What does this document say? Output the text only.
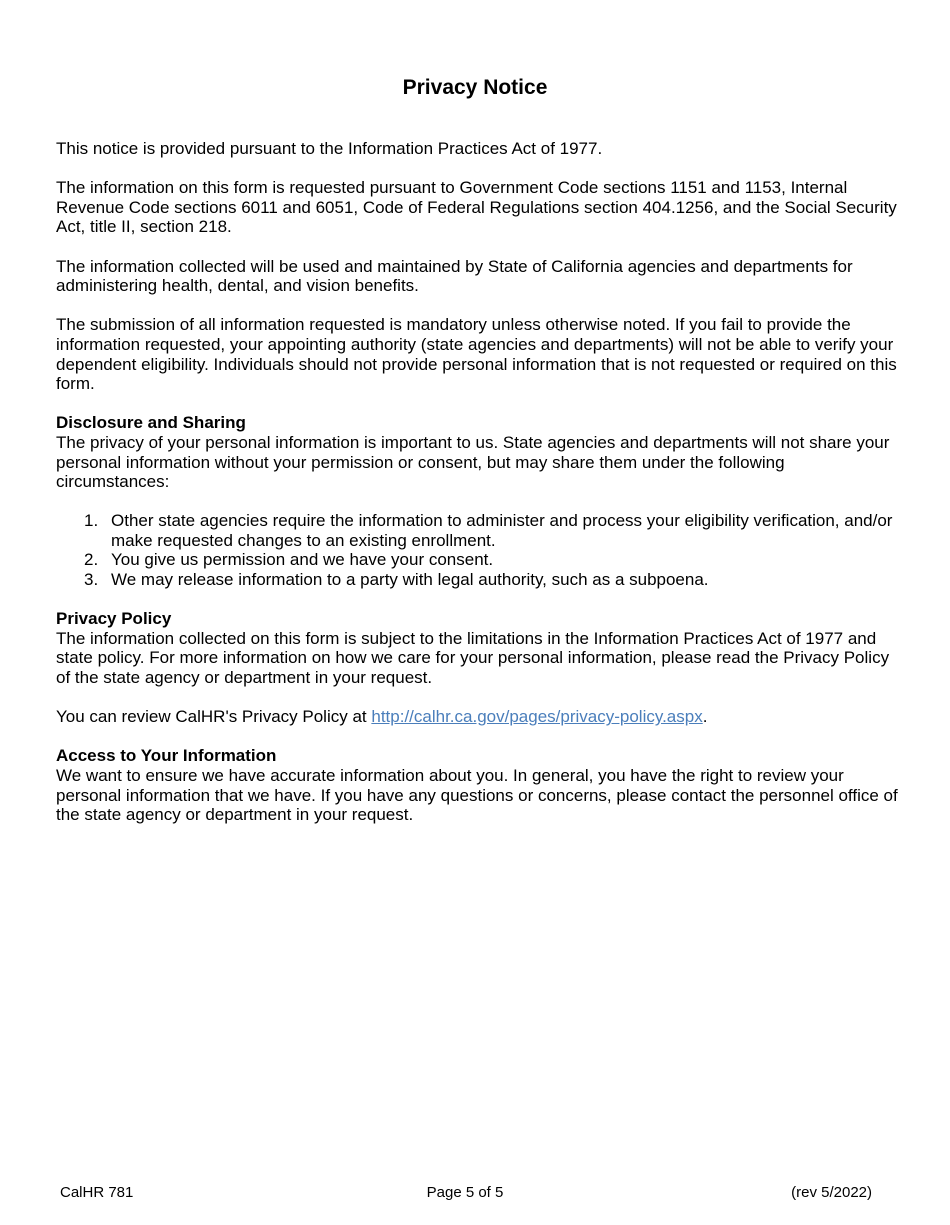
Privacy Notice

This notice is provided pursuant to the Information Practices Act of 1977.

The information on this form is requested pursuant to Government Code sections 1151 and 1153, Internal Revenue Code sections 6011 and 6051, Code of Federal Regulations section 404.1256, and the Social Security Act, title II, section 218.

The information collected will be used and maintained by State of California agencies and departments for administering health, dental, and vision benefits.

The submission of all information requested is mandatory unless otherwise noted. If you fail to provide the information requested, your appointing authority (state agencies and departments) will not be able to verify your dependent eligibility. Individuals should not provide personal information that is not requested or required on this form.

Disclosure and Sharing

The privacy of your personal information is important to us. State agencies and departments will not share your personal information without your permission or consent, but may share them under the following circumstances:

1. Other state agencies require the information to administer and process your eligibility verification, and/or make requested changes to an existing enrollment.
2. You give us permission and we have your consent.
3. We may release information to a party with legal authority, such as a subpoena.
Privacy Policy

The information collected on this form is subject to the limitations in the Information Practices Act of 1977 and state policy. For more information on how we care for your personal information, please read the Privacy Policy of the state agency or department in your request.

You can review CalHR's Privacy Policy at http://calhr.ca.gov/pages/privacy-policy.aspx.

Access to Your Information

We want to ensure we have accurate information about you. In general, you have the right to review your personal information that we have. If you have any questions or concerns, please contact the personnel office of the state agency or department in your request.

CalHR 781	Page 5 of 5	(rev 5/2022)
